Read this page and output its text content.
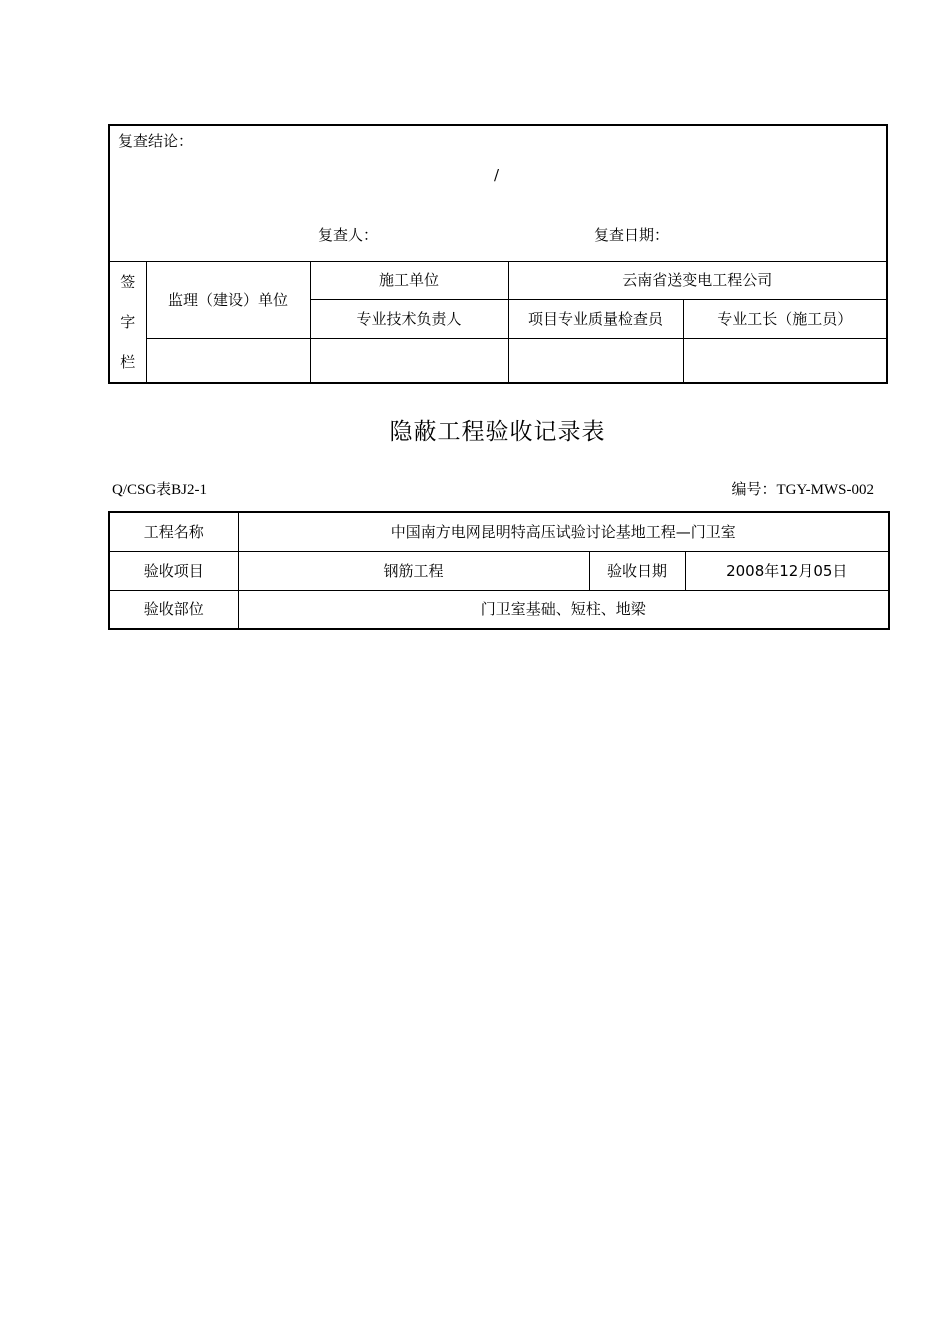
复查结论：
/
复查人： 复查日期：				

签
字
栏	监理（建设）单位	施工单位	云南省送变电工程公司	
		专业技术负责人	项目专业质量检查员	专业工长（施工员）

隐蔽工程验收记录表
Q/CSG表BJ2-1	编号：TGY-MWS-002
工程名称	中国南方电网昆明特高压试验讨论基地工程—门卫室		
验收项目	钢筋工程	验收日期	2008年12月05日
验收部位	门卫室基础、短柱、地梁		
